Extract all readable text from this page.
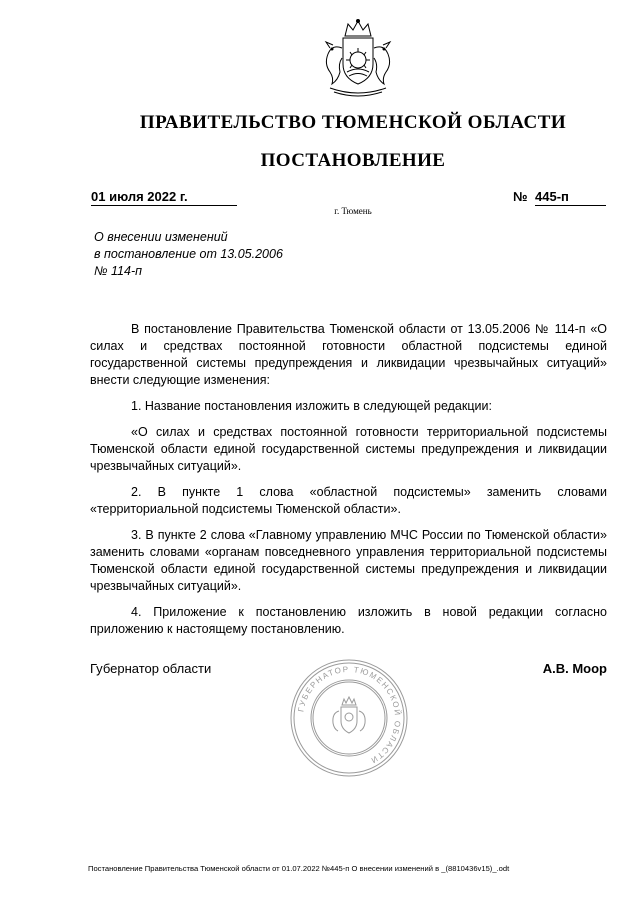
ПРАВИТЕЛЬСТВО ТЮМЕНСКОЙ ОБЛАСТИ
ПОСТАНОВЛЕНИЕ
01 июля 2022 г.	№ 445-п
г. Тюмень
О внесении изменений
в постановление от 13.05.2006
№ 114-п

В постановление Правительства Тюменской области от 13.05.2006 № 114-п «О силах и средствах постоянной готовности областной подсистемы единой государственной системы предупреждения и ликвидации чрезвычайных ситуаций» внести следующие изменения:

1. Название постановления изложить в следующей редакции:

«О силах и средствах постоянной готовности территориальной подсистемы Тюменской области единой государственной системы предупреждения и ликвидации чрезвычайных ситуаций».

2. В пункте 1 слова «областной подсистемы» заменить словами «территориальной подсистемы Тюменской области».

3. В пункте 2 слова «Главному управлению МЧС России по Тюменской области» заменить словами «органам повседневного управления территориальной подсистемы Тюменской области единой государственной системы предупреждения и ликвидации чрезвычайных ситуаций».

4. Приложение к постановлению изложить в новой редакции согласно приложению к настоящему постановлению.

Губернатор области	А.В. Моор
ГУБЕРНАТОР ТЮМЕНСКОЙ ОБЛАСТИ
Постановление Правительства Тюменской области от 01.07.2022 №445-п О внесении изменений в _(8810436v15)_.odt
